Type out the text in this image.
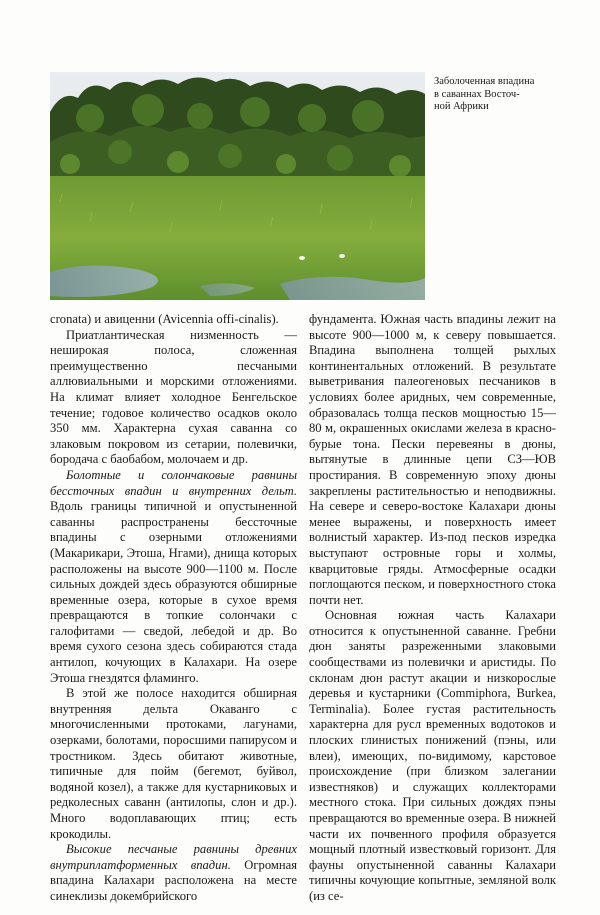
Заболоченная впадина
в саваннах Восточ-
ной Африки

cronata) и авиценни (Avicennia offi-cinalis).

Приатлантическая низменность — неширокая полоса, сложенная преимущественно песчаными аллювиальными и морскими отложениями. На климат влияет холодное Бенгельское течение; годовое количество осадков около 350 мм. Характерна сухая саванна со злаковым покровом из сетарии, полевички, бородача с баобабом, молочаем и др.

Болотные и солончаковые равнины бессточных впадин и внутренних дельт. Вдоль границы типичной и опустыненной саванны распространены бессточные впадины с озерными отложениями (Макарикари, Этоша, Нгами), днища которых расположены на высоте 900—1100 м. После сильных дождей здесь образуются обширные временные озера, которые в сухое время превращаются в топкие солончаки с галофитами — сведой, лебедой и др. Во время сухого сезона здесь собираются стада антилоп, кочующих в Калахари. На озере Этоша гнездятся фламинго.

В этой же полосе находится обширная внутренняя дельта Окаванго с многочисленными протоками, лагунами, озерками, болотами, поросшими папирусом и тростником. Здесь обитают животные, типичные для пойм (бегемот, буйвол, водяной козел), а также для кустарниковых и редколесных саванн (антилопы, слон и др.). Много водоплавающих птиц; есть крокодилы.

Высокие песчаные равнины древних внутриплатформенных впадин. Огромная впадина Калахари расположена на месте синеклизы докембрийского

фундамента. Южная часть впадины лежит на высоте 900—1000 м, к северу повышается. Впадина выполнена толщей рыхлых континентальных отложений. В результате выветривания палеогеновых песчаников в условиях более аридных, чем современные, образовалась толща песков мощностью 15—80 м, окрашенных окислами железа в красно-бурые тона. Пески перевеяны в дюны, вытянутые в длинные цепи СЗ—ЮВ простирания. В современную эпоху дюны закреплены растительностью и неподвижны. На севере и северо-востоке Калахари дюны менее выражены, и поверхность имеет волнистый характер. Из-под песков изредка выступают островные горы и холмы, кварцитовые гряды. Атмосферные осадки поглощаются песком, и поверхностного стока почти нет.

Основная южная часть Калахари относится к опустыненной саванне. Гребни дюн заняты разреженными злаковыми сообществами из полевички и аристиды. По склонам дюн растут акации и низкорослые деревья и кустарники (Commiphora, Burkea, Terminalia). Более густая растительность характерна для русл временных водотоков и плоских глинистых понижений (пэны, или влеи), имеющих, по-видимому, карстовое происхождение (при близком залегании известняков) и служащих коллекторами местного стока. При сильных дождях пэны превращаются во временные озера. В нижней части их почвенного профиля образуется мощный плотный известковый горизонт. Для фауны опустыненной саванны Калахари типичны кочующие копытные, земляной волк (из се-
